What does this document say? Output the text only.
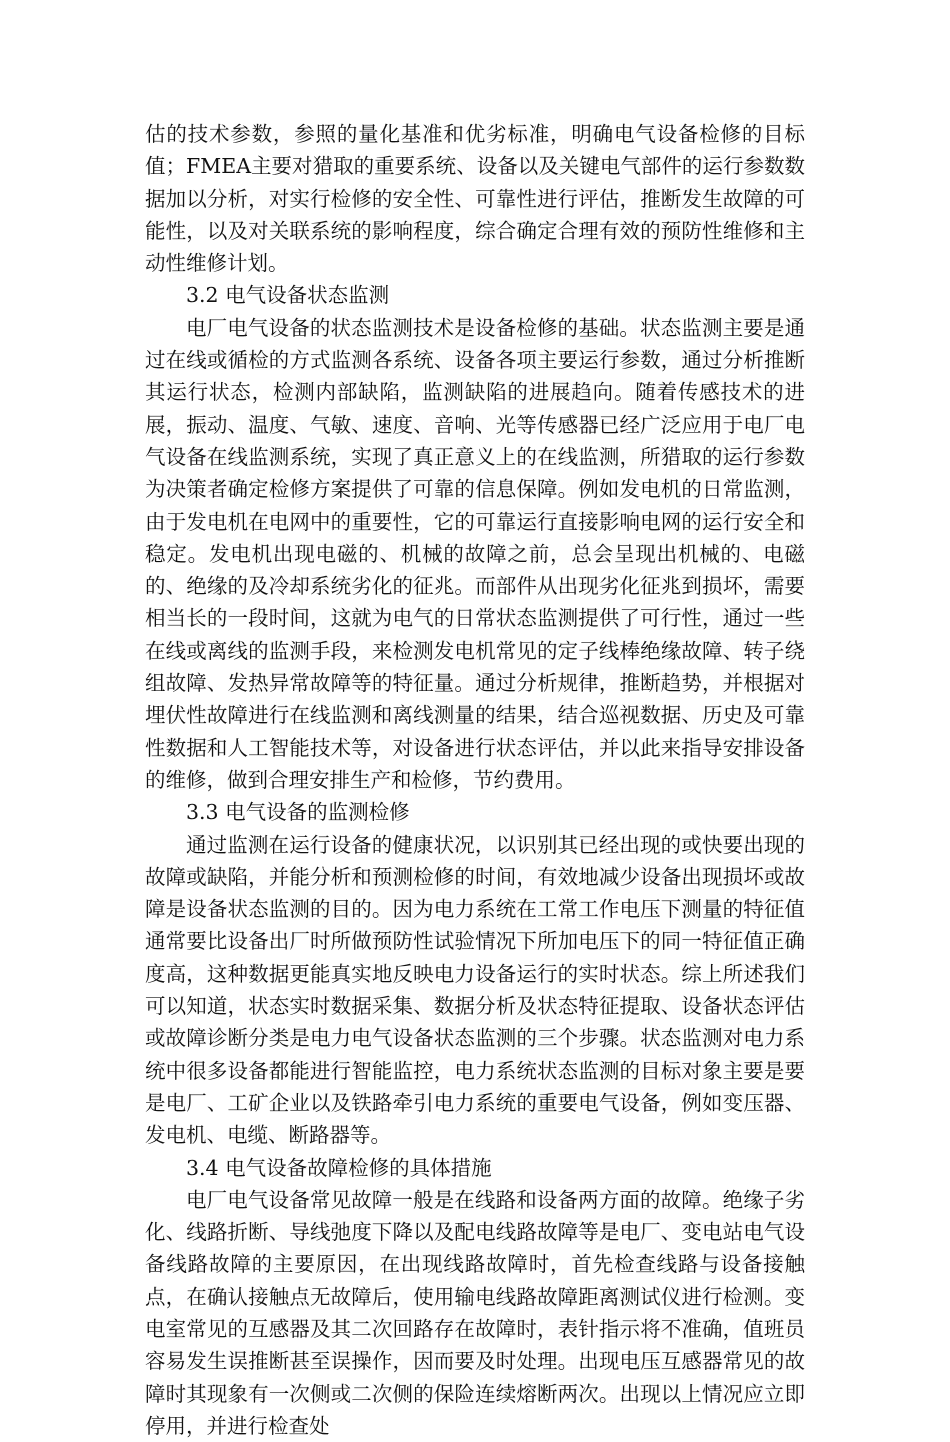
估的技术参数，参照的量化基准和优劣标准，明确电气设备检修的目标值；FMEA主要对猎取的重要系统、设备以及关键电气部件的运行参数数据加以分析，对实行检修的安全性、可靠性进行评估，推断发生故障的可能性，以及对关联系统的影响程度，综合确定合理有效的预防性维修和主动性维修计划。

3.2 电气设备状态监测

电厂电气设备的状态监测技术是设备检修的基础。状态监测主要是通过在线或循检的方式监测各系统、设备各项主要运行参数，通过分析推断其运行状态，检测内部缺陷，监测缺陷的进展趋向。随着传感技术的进展，振动、温度、气敏、速度、音响、光等传感器已经广泛应用于电厂电气设备在线监测系统，实现了真正意义上的在线监测，所猎取的运行参数为决策者确定检修方案提供了可靠的信息保障。例如发电机的日常监测，由于发电机在电网中的重要性，它的可靠运行直接影响电网的运行安全和稳定。发电机出现电磁的、机械的故障之前，总会呈现出机械的、电磁的、绝缘的及冷却系统劣化的征兆。而部件从出现劣化征兆到损坏，需要相当长的一段时间，这就为电气的日常状态监测提供了可行性，通过一些在线或离线的监测手段，来检测发电机常见的定子线棒绝缘故障、转子绕组故障、发热异常故障等的特征量。通过分析规律，推断趋势，并根据对埋伏性故障进行在线监测和离线测量的结果，结合巡视数据、历史及可靠性数据和人工智能技术等，对设备进行状态评估，并以此来指导安排设备的维修，做到合理安排生产和检修，节约费用。

3.3 电气设备的监测检修

通过监测在运行设备的健康状况，以识别其已经出现的或快要出现的故障或缺陷，并能分析和预测检修的时间，有效地减少设备出现损坏或故障是设备状态监测的目的。因为电力系统在工常工作电压下测量的特征值通常要比设备出厂时所做预防性试验情况下所加电压下的同一特征值正确度高，这种数据更能真实地反映电力设备运行的实时状态。综上所述我们可以知道，状态实时数据采集、数据分析及状态特征提取、设备状态评估或故障诊断分类是电力电气设备状态监测的三个步骤。状态监测对电力系统中很多设备都能进行智能监控，电力系统状态监测的目标对象主要是要是电厂、工矿企业以及铁路牵引电力系统的重要电气设备，例如变压器、发电机、电缆、断路器等。

3.4 电气设备故障检修的具体措施

电厂电气设备常见故障一般是在线路和设备两方面的故障。绝缘子劣化、线路折断、导线弛度下降以及配电线路故障等是电厂、变电站电气设备线路故障的主要原因，在出现线路故障时，首先检查线路与设备接触点，在确认接触点无故障后，使用输电线路故障距离测试仪进行检测。变电室常见的互感器及其二次回路存在故障时，表针指示将不准确，值班员容易发生误推断甚至误操作，因而要及时处理。出现电压互感器常见的故障时其现象有一次侧或二次侧的保险连续熔断两次。出现以上情况应立即停用，并进行检查处
